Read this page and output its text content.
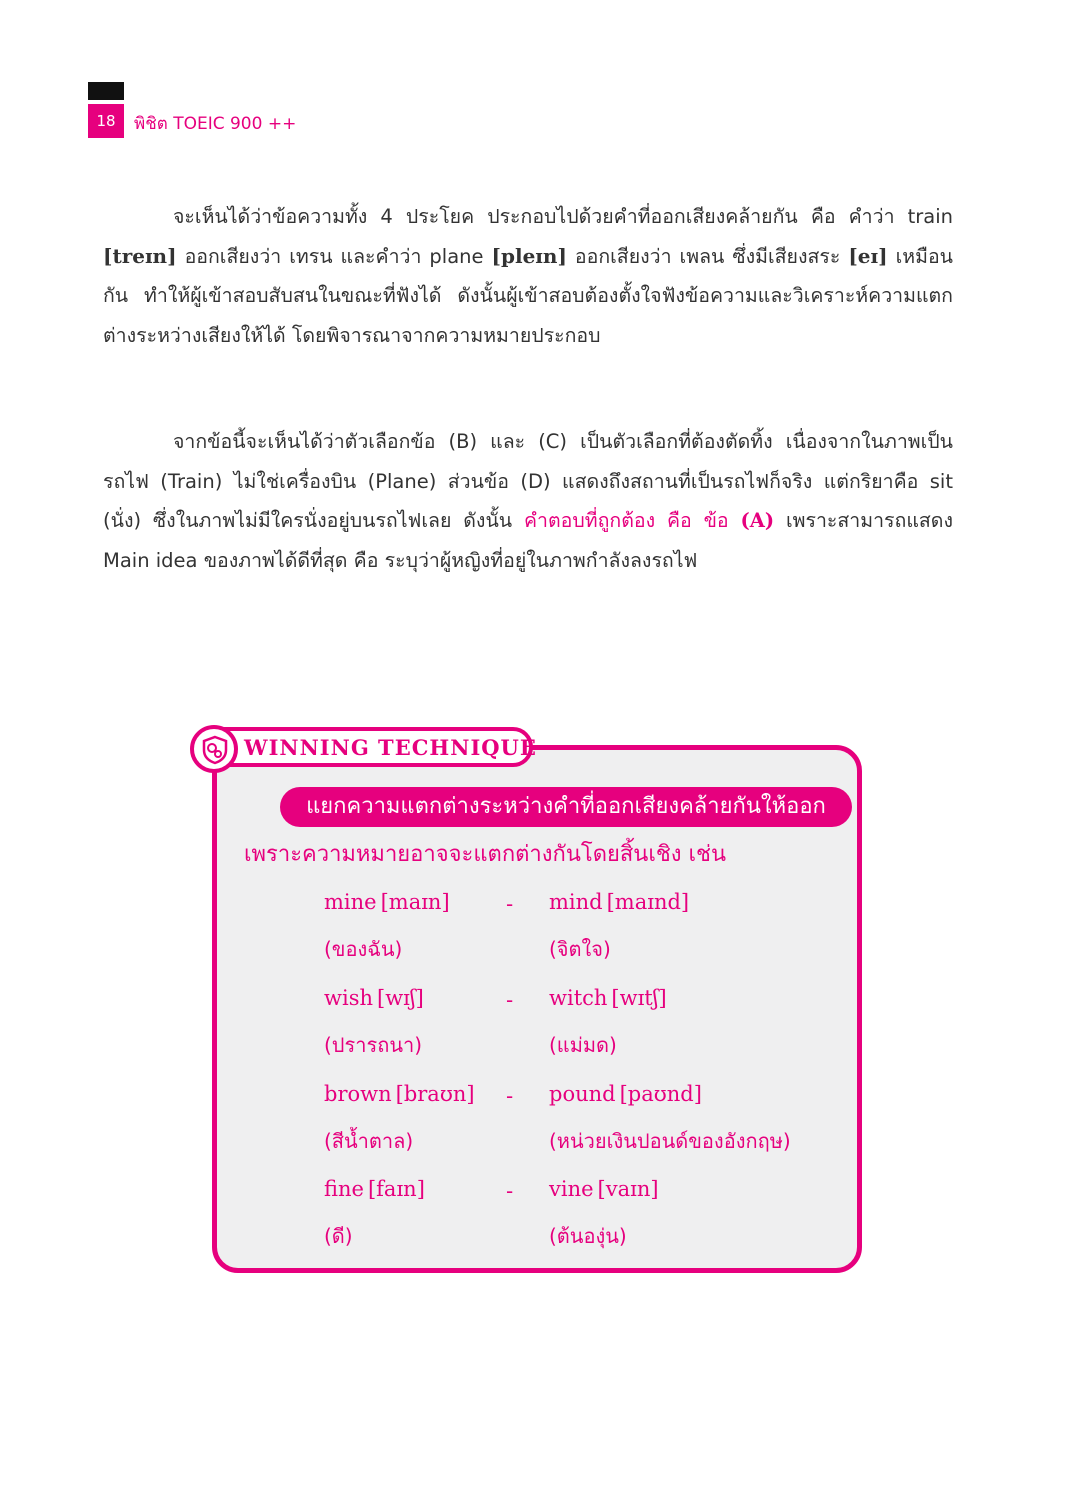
18	พิชิต TOEIC 900 ++
จะเห็นได้ว่าข้อความทั้ง 4 ประโยค ประกอบไปด้วยคำที่ออกเสียงคล้ายกัน คือ คำว่า train [treɪn] ออกเสียงว่า เทรน และคำว่า plane [pleɪn] ออกเสียงว่า เพลน ซึ่งมีเสียงสระ [eɪ] เหมือนกัน ทำให้ผู้เข้าสอบสับสนในขณะที่ฟังได้ ดังนั้นผู้เข้าสอบต้องตั้งใจฟังข้อความและวิเคราะห์ความแตกต่างระหว่างเสียงให้ได้ โดยพิจารณาจากความหมายประกอบ
จากข้อนี้จะเห็นได้ว่าตัวเลือกข้อ (B) และ (C) เป็นตัวเลือกที่ต้องตัดทิ้ง เนื่องจากในภาพเป็นรถไฟ (Train) ไม่ใช่เครื่องบิน (Plane) ส่วนข้อ (D) แสดงถึงสถานที่เป็นรถไฟก็จริง แต่กริยาคือ sit (นั่ง) ซึ่งในภาพไม่มีใครนั่งอยู่บนรถไฟเลย ดังนั้น คำตอบที่ถูกต้อง คือ ข้อ (A) เพราะสามารถแสดง Main idea ของภาพได้ดีที่สุด คือ ระบุว่าผู้หญิงที่อยู่ในภาพกำลังลงรถไฟ
WINNING TECHNIQUE
แยกความแตกต่างระหว่างคำที่ออกเสียงคล้ายกันให้ออก
เพราะความหมายอาจจะแตกต่างกันโดยสิ้นเชิง เช่น
mine [maɪn]	- mind [maɪnd]
(ของฉัน)	(จิตใจ)
wish [wɪʃ]	- witch [wɪtʃ]
(ปรารถนา)	(แม่มด)
brown [braʊn] - pound [paʊnd]
(สีน้ำตาล)	(หน่วยเงินปอนด์ของอังกฤษ)
fine [faɪn]	- vine [vaɪn]
(ดี)	(ต้นองุ่น)
